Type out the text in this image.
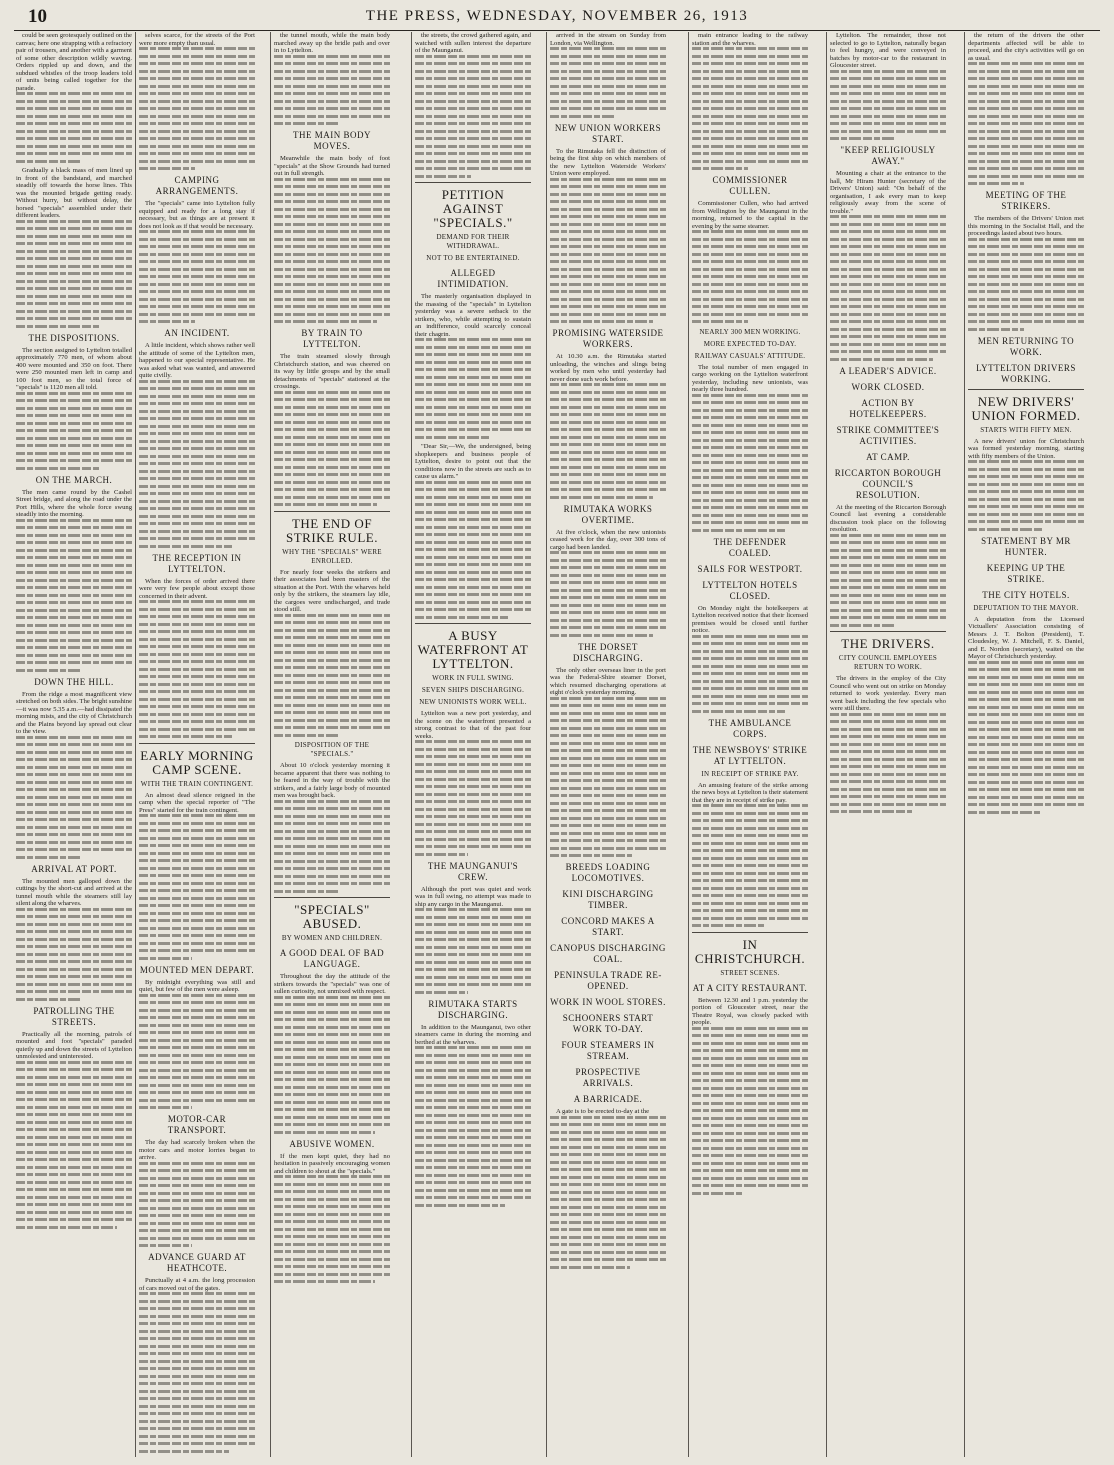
10	THE PRESS, WEDNESDAY, NOVEMBER 26, 1913

could be seen grotesquely outlined on the canvas; here one strapping with a refractory pair of trousers, and another with a garment of some other description wildly waving. Orders rippled up and down, and the subdued whistles of the troop leaders told of units being called together for the parade.

Gradually a black mass of men lined up in front of the bandstand, and marched steadily off towards the horse lines. This was the mounted brigade getting ready. Without hurry, but without delay, the horsed "specials" assembled under their different leaders.

THE DISPOSITIONS.

The section assigned to Lyttelton totalled approximately 770 men, of whom about 400 were mounted and 350 on foot. There were 250 mounted men left in camp and 100 foot men, so the total force of "specials" is 1120 men all told.

ON THE MARCH.

The men came round by the Cashel Street bridge, and along the road under the Port Hills, where the whole force swung steadily into the morning.

DOWN THE HILL.

From the ridge a most magnificent view stretched on both sides. The bright sunshine—it was now 5.35 a.m.—had dissipated the morning mists, and the city of Christchurch and the Plains beyond lay spread out clear to the view.

ARRIVAL AT PORT.

The mounted men galloped down the cuttings by the short-cut and arrived at the tunnel mouth while the steamers still lay silent along the wharves.

PATROLLING THE STREETS.

Practically all the morning, patrols of mounted and foot "specials" paraded quietly up and down the streets of Lyttelton unmolested and uninterested.

selves scarce, for the streets of the Port were more empty than usual.

CAMPING ARRANGEMENTS.

The "specials" came into Lyttelton fully equipped and ready for a long stay if necessary, but as things are at present it does not look as if that would be necessary.

AN INCIDENT.

A little incident, which shows rather well the attitude of some of the Lyttelton men, happened to our special representative. He was asked what was wanted, and answered quite civilly.

THE RECEPTION IN LYTTELTON.

When the forces of order arrived there were very few people about except those concerned in their advent.

EARLY MORNING CAMP SCENE.
WITH THE TRAIN CONTINGENT.

An almost dead silence reigned in the camp when the special reporter of "The Press" started for the train contingent.

MOUNTED MEN DEPART.

By midnight everything was still and quiet, but few of the men were asleep.

MOTOR-CAR TRANSPORT.

The day had scarcely broken when the motor cars and motor lorries began to arrive.

ADVANCE GUARD AT HEATHCOTE.

Punctually at 4 a.m. the long procession of cars moved out of the gates.

the tunnel mouth, while the main body marched away up the bridle path and over in to Lyttelton.

THE MAIN BODY MOVES.

Meanwhile the main body of foot "specials" at the Show Grounds had turned out in full strength.

BY TRAIN TO LYTTELTON.

The train steamed slowly through Christchurch station, and was cheered on its way by little groups and by the small detachments of "specials" stationed at the crossings.

THE END OF STRIKE RULE.
WHY THE "SPECIALS" WERE ENROLLED.

For nearly four weeks the strikers and their associates had been masters of the situation at the Port. With the wharves held only by the strikers, the steamers lay idle, the cargoes were undischarged, and trade stood still.

DISPOSITION OF THE "SPECIALS."

About 10 o'clock yesterday morning it became apparent that there was nothing to be feared in the way of trouble with the strikers, and a fairly large body of mounted men was brought back.

"SPECIALS" ABUSED.
BY WOMEN AND CHILDREN.
A GOOD DEAL OF BAD LANGUAGE.

Throughout the day the attitude of the strikers towards the "specials" was one of sullen curiosity, not unmixed with respect.

ABUSIVE WOMEN.

If the men kept quiet, they had no hesitation in passively encouraging women and children to shout at the "specials."

the streets, the crowd gathered again, and watched with sullen interest the departure of the Maunganui.

PETITION AGAINST "SPECIALS."
DEMAND FOR THEIR WITHDRAWAL.
NOT TO BE ENTERTAINED.
ALLEGED INTIMIDATION.

The masterly organisation displayed in the massing of the "specials" in Lyttelton yesterday was a severe setback to the strikers, who, while attempting to sustain an indifference, could scarcely conceal their chagrin.

"Dear Sir,—We, the undersigned, being shopkeepers and business people of Lyttelton, desire to point out that the conditions now in the streets are such as to cause us alarm."

A BUSY WATERFRONT AT LYTTELTON.
WORK IN FULL SWING.
SEVEN SHIPS DISCHARGING.
NEW UNIONISTS WORK WELL.

Lyttelton was a new port yesterday, and the scene on the waterfront presented a strong contrast to that of the past four weeks.

THE MAUNGANUI'S CREW.

Although the port was quiet and work was in full swing, no attempt was made to ship any cargo in the Maunganui.

RIMUTAKA STARTS DISCHARGING.

In addition to the Maunganui, two other steamers came in during the morning and berthed at the wharves.

arrived in the stream on Sunday from London, via Wellington.

NEW UNION WORKERS START.

To the Rimutaka fell the distinction of being the first ship on which members of the new Lyttelton Waterside Workers' Union were employed.

PROMISING WATERSIDE WORKERS.

At 10.30 a.m. the Rimutaka started unloading, the winches and slings being worked by men who until yesterday had never done such work before.

RIMUTAKA WORKS OVERTIME.

At five o'clock, when the new unionists ceased work for the day, over 300 tons of cargo had been landed.

THE DORSET DISCHARGING.

The only other overseas liner in the port was the Federal-Shire steamer Dorset, which resumed discharging operations at eight o'clock yesterday morning.

BREEDS LOADING LOCOMOTIVES.
KINI DISCHARGING TIMBER.
CONCORD MAKES A START.
CANOPUS DISCHARGING COAL.
PENINSULA TRADE RE-OPENED.
WORK IN WOOL STORES.
SCHOONERS START WORK TO-DAY.
FOUR STEAMERS IN STREAM.
PROSPECTIVE ARRIVALS.
A BARRICADE.

A gate is to be erected to-day at the

main entrance leading to the railway station and the wharves.

COMMISSIONER CULLEN.

Commissioner Cullen, who had arrived from Wellington by the Maunganui in the morning, returned to the capital in the evening by the same steamer.

NEARLY 300 MEN WORKING.
MORE EXPECTED TO-DAY.
RAILWAY CASUALS' ATTITUDE.

The total number of men engaged in cargo working on the Lyttelton waterfront yesterday, including new unionists, was nearly three hundred.

THE DEFENDER COALED.
SAILS FOR WESTPORT.
LYTTELTON HOTELS CLOSED.

On Monday night the hotelkeepers at Lyttelton received notice that their licensed premises would be closed until further notice.

THE AMBULANCE CORPS.
THE NEWSBOYS' STRIKE AT LYTTELTON.
IN RECEIPT OF STRIKE PAY.

An amusing feature of the strike among the news boys at Lyttelton is their statement that they are in receipt of strike pay.

IN CHRISTCHURCH.
STREET SCENES.
AT A CITY RESTAURANT.

Between 12.30 and 1 p.m. yesterday the portion of Gloucester street, near the Theatre Royal, was closely packed with people.

Lyttelton. The remainder, those not selected to go to Lyttelton, naturally began to feel hungry, and were conveyed in batches by motor-car to the restaurant in Gloucester street.

"KEEP RELIGIOUSLY AWAY."

Mounting a chair at the entrance to the hall, Mr Hiram Hunter (secretary of the Drivers' Union) said: "On behalf of the organisation, I ask every man to keep religiously away from the scene of trouble."

A LEADER'S ADVICE.
WORK CLOSED.
ACTION BY HOTELKEEPERS.
STRIKE COMMITTEE'S ACTIVITIES.
AT CAMP.
RICCARTON BOROUGH COUNCIL'S RESOLUTION.

At the meeting of the Riccarton Borough Council last evening a considerable discussion took place on the following resolution.

THE DRIVERS.
CITY COUNCIL EMPLOYEES RETURN TO WORK.

The drivers in the employ of the City Council who went out on strike on Monday returned to work yesterday. Every man went back including the few specials who were still there.

the return of the drivers the other departments affected will be able to proceed, and the city's activities will go on as usual.

MEETING OF THE STRIKERS.

The members of the Drivers' Union met this morning in the Socialist Hall, and the proceedings lasted about two hours.

MEN RETURNING TO WORK.
LYTTELTON DRIVERS WORKING.
NEW DRIVERS' UNION FORMED.
STARTS WITH FIFTY MEN.

A new drivers' union for Christchurch was formed yesterday morning, starting with fifty members of the Union.

STATEMENT BY MR HUNTER.
KEEPING UP THE STRIKE.
THE CITY HOTELS.
DEPUTATION TO THE MAYOR.

A deputation from the Licensed Victuallers' Association consisting of Messrs J. T. Bolton (President), T. Cloudesley, W. J. Mitchell, F. S. Daniel, and E. Nordon (secretary), waited on the Mayor of Christchurch yesterday.
